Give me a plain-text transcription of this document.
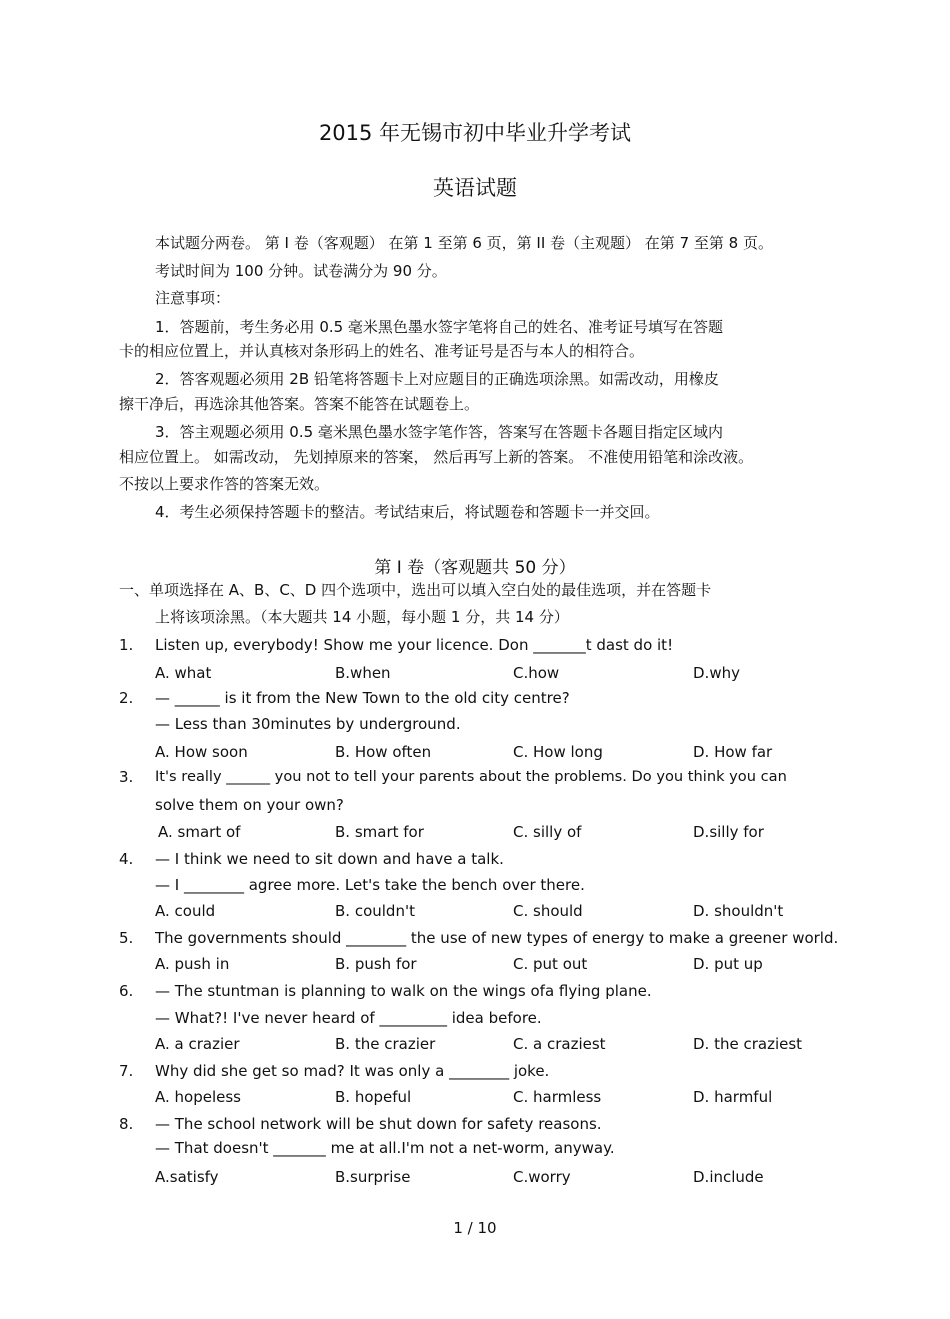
2015 年无锡市初中毕业升学考试
英语试题
本试题分两卷。 第 I 卷（客观题） 在第 1 至第 6 页，第 II 卷（主观题） 在第 7 至第 8 页。
考试时间为 100 分钟。试卷满分为 90 分。
注意事项：
1．答题前，考生务必用 0.5 毫米黑色墨水签字笔将自己的姓名、准考证号填写在答题
卡的相应位置上，并认真核对条形码上的姓名、准考证号是否与本人的相符合。
2．答客观题必须用 2B 铅笔将答题卡上对应题目的正确选项涂黑。如需改动，用橡皮
擦干净后，再选涂其他答案。答案不能答在试题卷上。
3．答主观题必须用 0.5 毫米黑色墨水签字笔作答，答案写在答题卡各题目指定区域内
相应位置上。 如需改动， 先划掉原来的答案， 然后再写上新的答案。 不准使用铅笔和涂改液。
不按以上要求作答的答案无效。
4．考生必须保持答题卡的整洁。考试结束后，将试题卷和答题卡一并交回。
第 I 卷（客观题共 50 分）
一、单项选择在 A、B、C、D 四个选项中，选出可以填入空白处的最佳选项，并在答题卡
上将该项涂黑。（本大题共 14 小题，每小题 1 分，共 14 分）
1. Listen up, everybody! Show me your licence. Don _______t dast do it!
A. what	B.when	C.how	D.why
2. — ______ is it from the New Town to the old city centre?
— Less than 30minutes by underground.
A. How soon	B. How often	C. How long	D. How far
3. It's really ______ you not to tell your parents about the problems. Do you think you can
solve them on your own?
A. smart of	B. smart for	C. silly of	D.silly for
4. — I think we need to sit down and have a talk.
— I ________ agree more. Let's take the bench over there.
A. could	B. couldn't	C. should	D. shouldn't
5. The governments should ________ the use of new types of energy to make a greener world.
A. push in	B. push for	C. put out	D. put up
6. — The stuntman is planning to walk on the wings ofa flying plane.
— What?! I've never heard of _________ idea before.
A. a crazier	B. the crazier	C. a craziest	D. the craziest
7. Why did she get so mad? It was only a ________ joke.
A. hopeless	B. hopeful	C. harmless	D. harmful
8. — The school network will be shut down for safety reasons.
— That doesn't _______ me at all.I'm not a net-worm, anyway.
A.satisfy	B.surprise	C.worry	D.include
1 / 10
